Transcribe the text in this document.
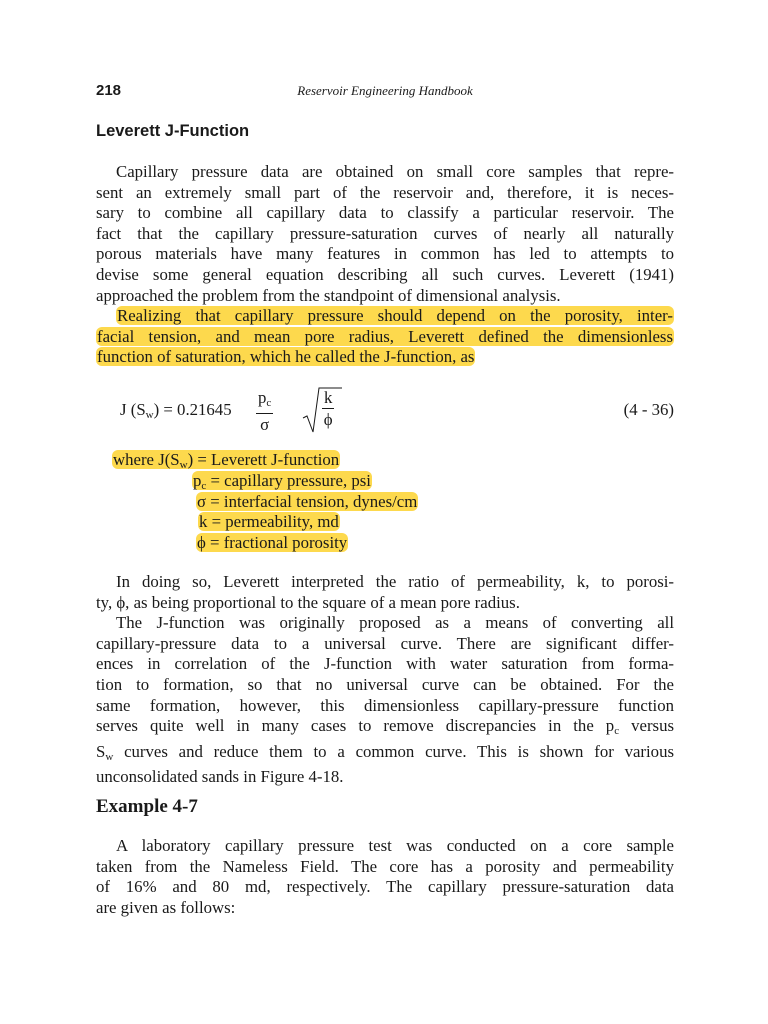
218	Reservoir Engineering Handbook
Leverett J-Function

Capillary pressure data are obtained on small core samples that repre-
sent an extremely small part of the reservoir and, therefore, it is neces-
sary to combine all capillary data to classify a particular reservoir. The
fact that the capillary pressure-saturation curves of nearly all naturally
porous materials have many features in common has led to attempts to
devise some general equation describing all such curves. Leverett (1941)
approached the problem from the standpoint of dimensional analysis.

Realizing that capillary pressure should depend on the porosity, inter-
facial tension, and mean pore radius, Leverett defined the dimensionless
function of saturation, which he called the J-function, as

J $(S_w) = 0.21645 \frac{p_c}{\sigma}$	$\frac{k}{\phi}$	(4 - 36)
where $J(S_w)$ = Leverett J-function
$p_c$ = capillary pressure, psi
σ = interfacial tension, dynes/cm
k = permeability, md
ϕ = fractional porosity

In doing so, Leverett interpreted the ratio of permeability, k, to porosi-
ty, ϕ, as being proportional to the square of a mean pore radius.
The J-function was originally proposed as a means of converting all
capillary-pressure data to a universal curve. There are significant differ-
ences in correlation of the J-function with water saturation from forma-
tion to formation, so that no universal curve can be obtained. For the
same formation, however, this dimensionless capillary-pressure function
serves quite well in many cases to remove discrepancies in the $p_c$ versus
$S_w$ curves and reduce them to a common curve. This is shown for various
unconsolidated sands in Figure 4-18.

Example 4-7

A laboratory capillary pressure test was conducted on a core sample
taken from the Nameless Field. The core has a porosity and permeability
of 16% and 80 md, respectively. The capillary pressure-saturation data
are given as follows:
